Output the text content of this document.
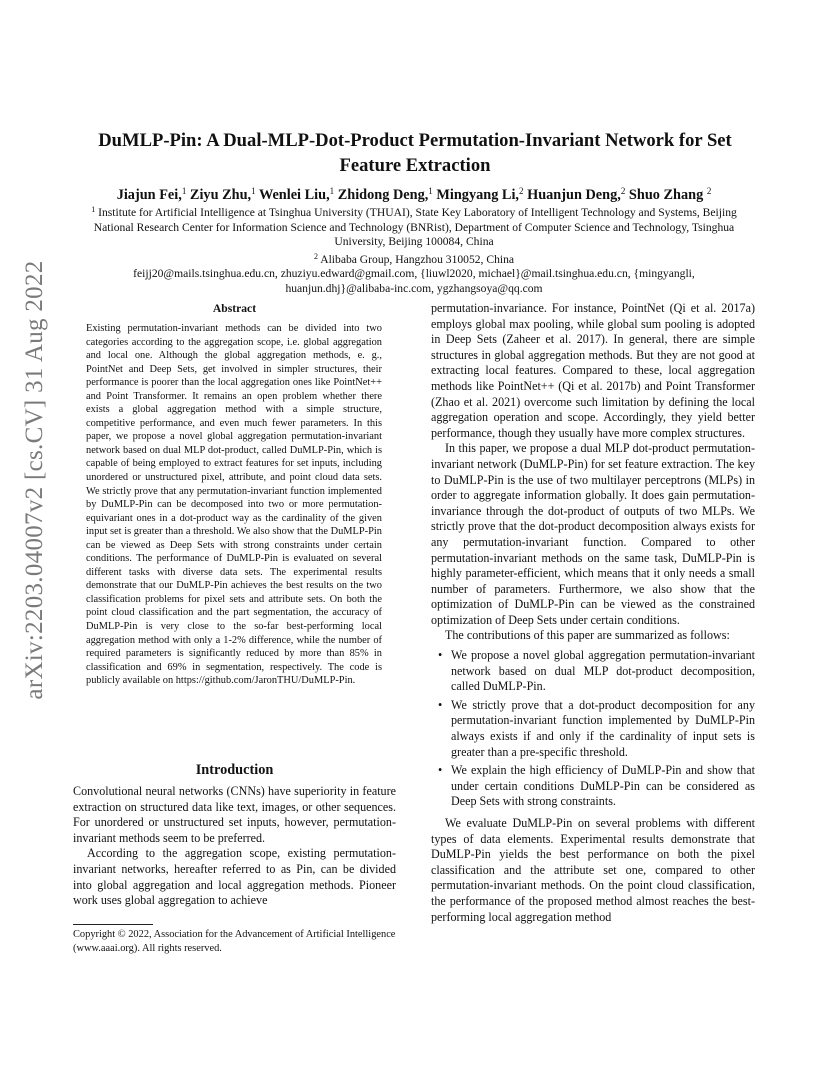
arXiv:2203.04007v2 [cs.CV] 31 Aug 2022
DuMLP-Pin: A Dual-MLP-Dot-Product Permutation-Invariant Network for Set
Feature Extraction
Jiajun Fei,$^1$ Ziyu Zhu,$^1$ Wenlei Liu,$^1$ Zhidong Deng,$^1$ Mingyang Li,$^2$ Huanjun Deng,$^2$ Shuo Zhang $^2$
$^1$ Institute for Artificial Intelligence at Tsinghua University (THUAI), State Key Laboratory of Intelligent Technology and Systems, Beijing National Research Center for Information Science and Technology (BNRist), Department of Computer Science and Technology, Tsinghua University, Beijing 100084, China
$^2$ Alibaba Group, Hangzhou 310052, China
feijj20@mails.tsinghua.edu.cn, zhuziyu.edward@gmail.com, {liuwl2020, michael}@mail.tsinghua.edu.cn, {mingyangli, huanjun.dhj}@alibaba-inc.com, ygzhangsoya@qq.com
Abstract
Existing permutation-invariant methods can be divided into two categories according to the aggregation scope, i.e. global aggregation and local one. Although the global aggregation methods, e. g., PointNet and Deep Sets, get involved in simpler structures, their performance is poorer than the local aggregation ones like PointNet++ and Point Transformer. It remains an open problem whether there exists a global aggregation method with a simple structure, competitive performance, and even much fewer parameters. In this paper, we propose a novel global aggregation permutation-invariant network based on dual MLP dot-product, called DuMLP-Pin, which is capable of being employed to extract features for set inputs, including unordered or unstructured pixel, attribute, and point cloud data sets. We strictly prove that any permutation-invariant function implemented by DuMLP-Pin can be decomposed into two or more permutation-equivariant ones in a dot-product way as the cardinality of the given input set is greater than a threshold. We also show that the DuMLP-Pin can be viewed as Deep Sets with strong constraints under certain conditions. The performance of DuMLP-Pin is evaluated on several different tasks with diverse data sets. The experimental results demonstrate that our DuMLP-Pin achieves the best results on the two classification problems for pixel sets and attribute sets. On both the point cloud classification and the part segmentation, the accuracy of DuMLP-Pin is very close to the so-far best-performing local aggregation method with only a 1-2% difference, while the number of required parameters is significantly reduced by more than 85% in classification and 69% in segmentation, respectively. The code is publicly available on https://github.com/JaronTHU/DuMLP-Pin.
Introduction

Convolutional neural networks (CNNs) have superiority in feature extraction on structured data like text, images, or other sequences. For unordered or unstructured set inputs, however, permutation-invariant methods seem to be preferred.

According to the aggregation scope, existing permutation-invariant networks, hereafter referred to as Pin, can be divided into global aggregation and local aggregation methods. Pioneer work uses global aggregation to achieve

Copyright © 2022, Association for the Advancement of Artificial Intelligence (www.aaai.org). All rights reserved.

permutation-invariance. For instance, PointNet (Qi et al. 2017a) employs global max pooling, while global sum pooling is adopted in Deep Sets (Zaheer et al. 2017). In general, there are simple structures in global aggregation methods. But they are not good at extracting local features. Compared to these, local aggregation methods like PointNet++ (Qi et al. 2017b) and Point Transformer (Zhao et al. 2021) overcome such limitation by defining the local aggregation operation and scope. Accordingly, they yield better performance, though they usually have more complex structures.

In this paper, we propose a dual MLP dot-product permutation-invariant network (DuMLP-Pin) for set feature extraction. The key to DuMLP-Pin is the use of two multilayer perceptrons (MLPs) in order to aggregate information globally. It does gain permutation-invariance through the dot-product of outputs of two MLPs. We strictly prove that the dot-product decomposition always exists for any permutation-invariant function. Compared to other permutation-invariant methods on the same task, DuMLP-Pin is highly parameter-efficient, which means that it only needs a small number of parameters. Furthermore, we also show that the optimization of DuMLP-Pin can be viewed as the constrained optimization of Deep Sets under certain conditions.

The contributions of this paper are summarized as follows:

• We propose a novel global aggregation permutation-invariant network based on dual MLP dot-product decomposition, called DuMLP-Pin.
• We strictly prove that a dot-product decomposition for any permutation-invariant function implemented by DuMLP-Pin always exists if and only if the cardinality of input sets is greater than a pre-specific threshold.
• We explain the high efficiency of DuMLP-Pin and show that under certain conditions DuMLP-Pin can be considered as Deep Sets with strong constraints.

We evaluate DuMLP-Pin on several problems with different types of data elements. Experimental results demonstrate that DuMLP-Pin yields the best performance on both the pixel classification and the attribute set one, compared to other permutation-invariant methods. On the point cloud classification, the performance of the proposed method almost reaches the best-performing local aggregation method
